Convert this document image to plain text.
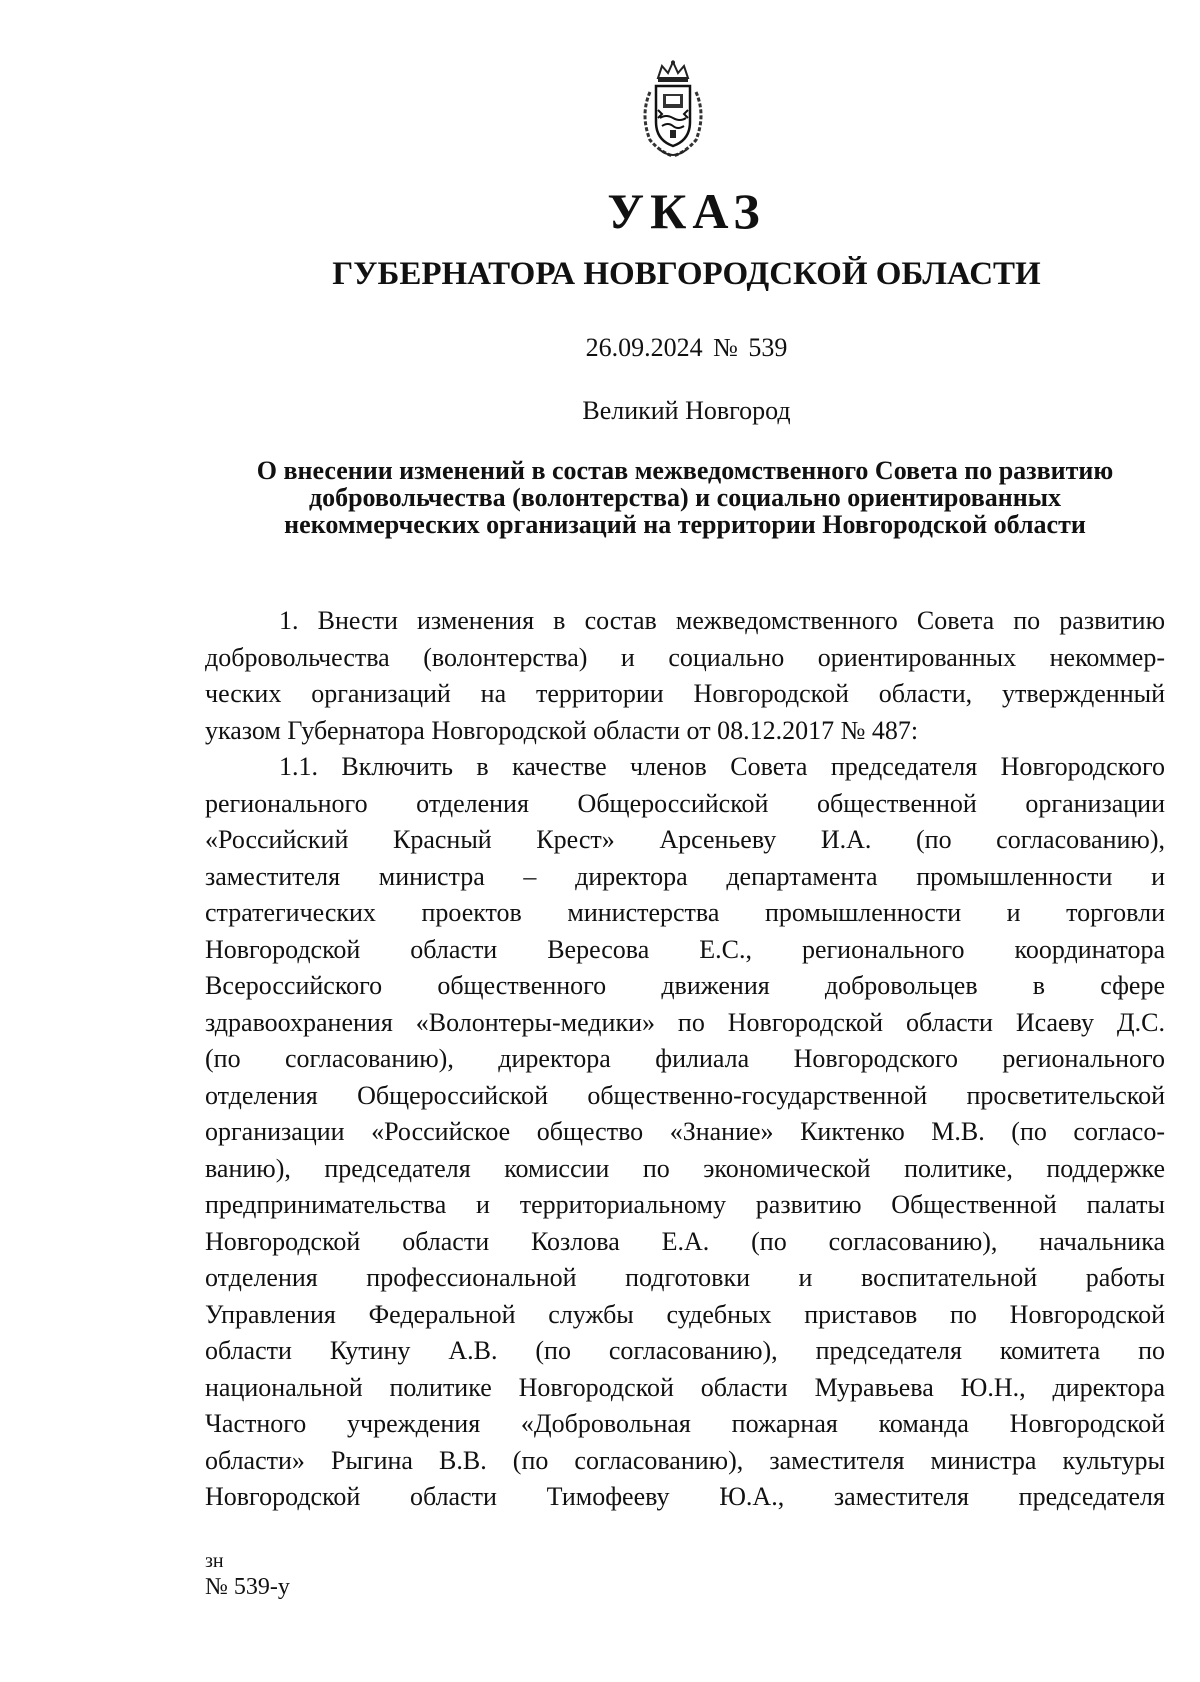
УКАЗ
ГУБЕРНАТОРА НОВГОРОДСКОЙ ОБЛАСТИ
26.09.2024 № 539
Великий Новгород
О внесении изменений в состав межведомственного Совета по развитию
добровольчества (волонтерства) и социально ориентированных
некоммерческих организаций на территории Новгородской области
1. Внести изменения в состав межведомственного Совета по развитию
добровольчества (волонтерства) и социально ориентированных некоммер-
ческих организаций на территории Новгородской области, утвержденный
указом Губернатора Новгородской области от 08.12.2017 № 487:
1.1. Включить в качестве членов Совета председателя Новгородского
регионального отделения Общероссийской общественной организации
«Российский Красный Крест» Арсеньеву И.А. (по согласованию),
заместителя министра – директора департамента промышленности и
стратегических проектов министерства промышленности и торговли
Новгородской области Вересова Е.С., регионального координатора
Всероссийского общественного движения добровольцев в сфере
здравоохранения «Волонтеры-медики» по Новгородской области Исаеву Д.С.
(по согласованию), директора филиала Новгородского регионального
отделения Общероссийской общественно-государственной просветительской
организации «Российское общество «Знание» Киктенко М.В. (по согласо-
ванию), председателя комиссии по экономической политике, поддержке
предпринимательства и территориальному развитию Общественной палаты
Новгородской области Козлова Е.А. (по согласованию), начальника
отделения профессиональной подготовки и воспитательной работы
Управления Федеральной службы судебных приставов по Новгородской
области Кутину А.В. (по согласованию), председателя комитета по
национальной политике Новгородской области Муравьева Ю.Н., директора
Частного учреждения «Добровольная пожарная команда Новгородской
области» Рыгина В.В. (по согласованию), заместителя министра культуры
Новгородской области Тимофееву Ю.А., заместителя председателя
зн
№ 539-у
